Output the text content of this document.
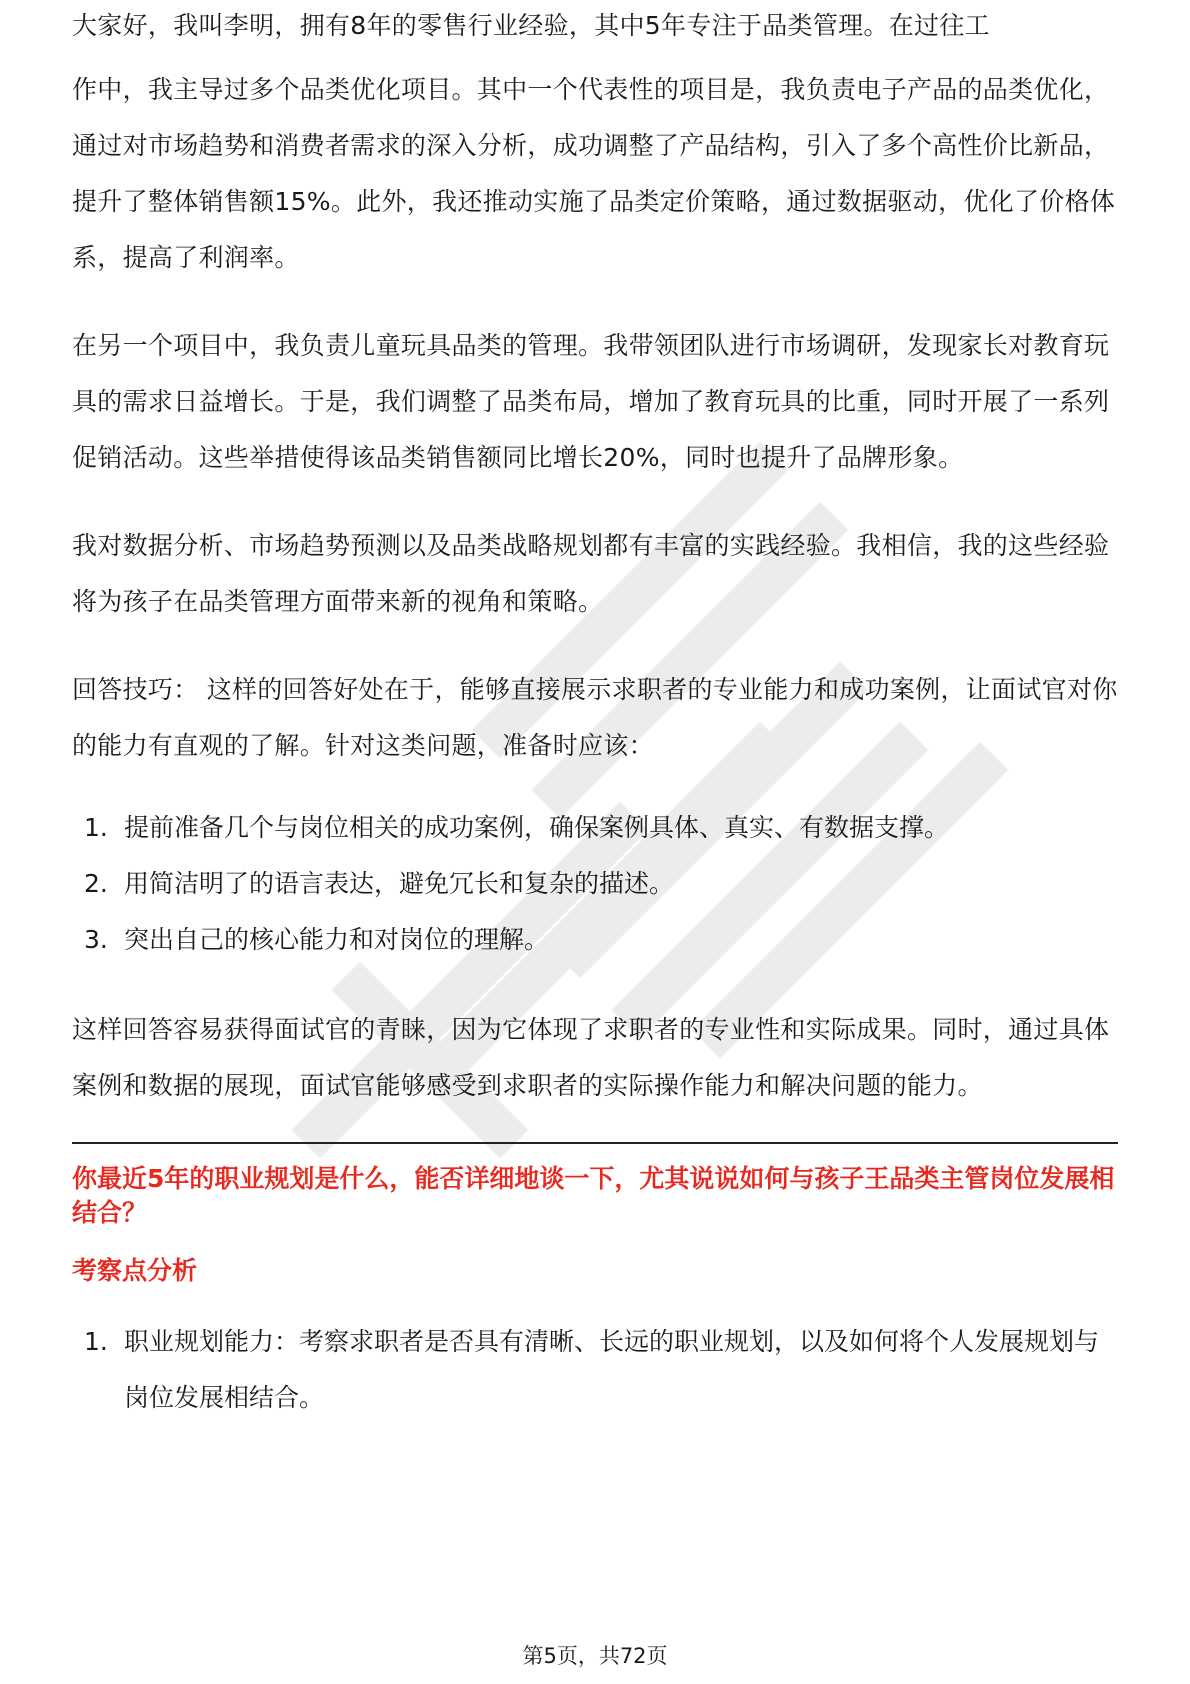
大家好，我叫李明，拥有8年的零售行业经验，其中5年专注于品类管理。在过往工

作中，我主导过多个品类优化项目。其中一个代表性的项目是，我负责电子产品的品类优化，通过对市场趋势和消费者需求的深入分析，成功调整了产品结构，引入了多个高性价比新品，提升了整体销售额15%。此外，我还推动实施了品类定价策略，通过数据驱动，优化了价格体系，提高了利润率。

在另一个项目中，我负责儿童玩具品类的管理。我带领团队进行市场调研，发现家长对教育玩具的需求日益增长。于是，我们调整了品类布局，增加了教育玩具的比重，同时开展了一系列促销活动。这些举措使得该品类销售额同比增长20%，同时也提升了品牌形象。

我对数据分析、市场趋势预测以及品类战略规划都有丰富的实践经验。我相信，我的这些经验将为孩子在品类管理方面带来新的视角和策略。

回答技巧： 这样的回答好处在于，能够直接展示求职者的专业能力和成功案例，让面试官对你的能力有直观的了解。针对这类问题，准备时应该：

1. 提前准备几个与岗位相关的成功案例，确保案例具体、真实、有数据支撑。
2. 用简洁明了的语言表达，避免冗长和复杂的描述。
3. 突出自己的核心能力和对岗位的理解。

这样回答容易获得面试官的青睐，因为它体现了求职者的专业性和实际成果。同时，通过具体案例和数据的展现，面试官能够感受到求职者的实际操作能力和解决问题的能力。

你最近5年的职业规划是什么，能否详细地谈一下，尤其说说如何与孩子王品类主管岗位发展相结合？
考察点分析
1. 职业规划能力：考察求职者是否具有清晰、长远的职业规划，以及如何将个人发展规划与岗位发展相结合。
第5页，共72页
